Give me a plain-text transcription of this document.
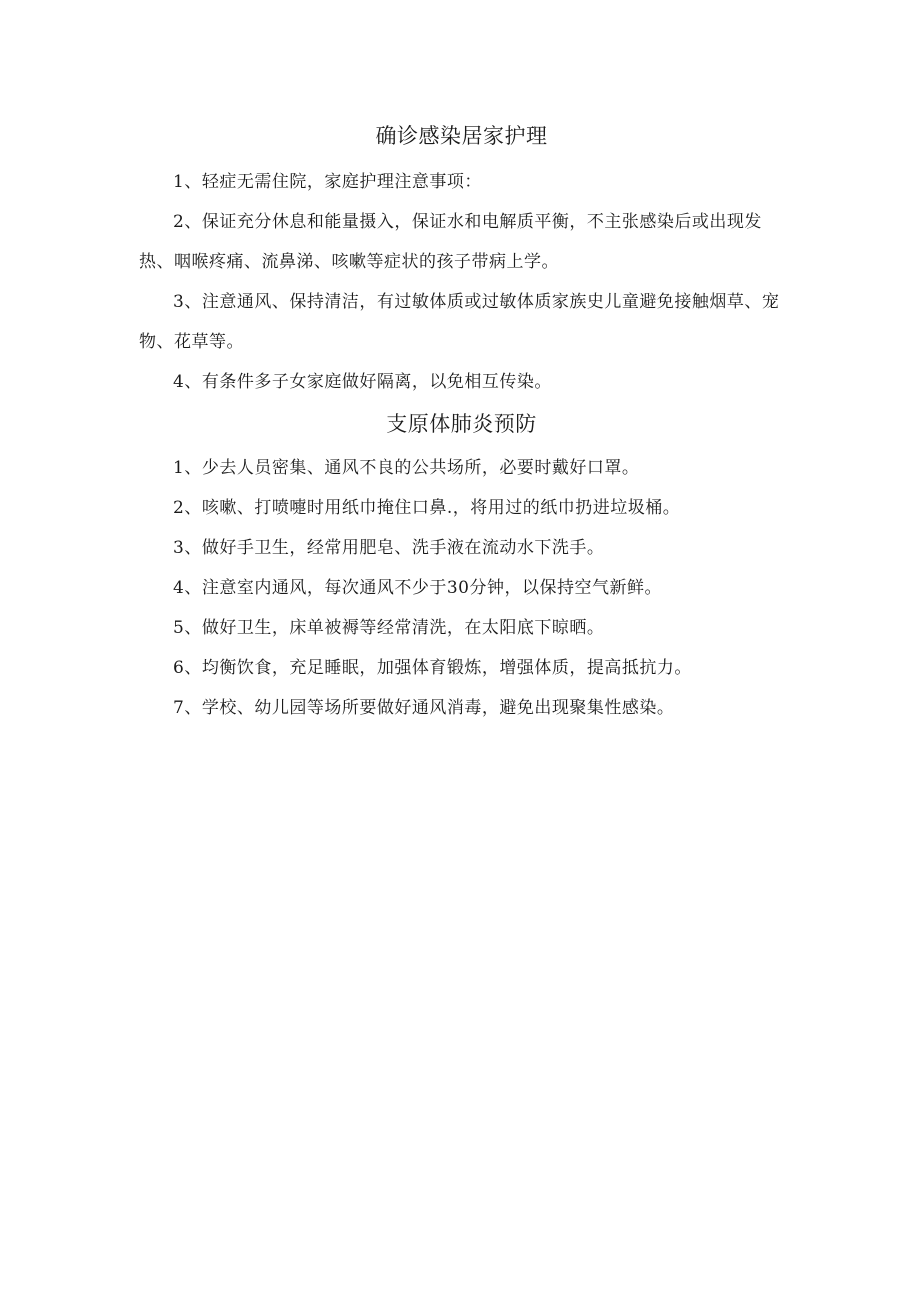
确诊感染居家护理

1、轻症无需住院，家庭护理注意事项：

2、保证充分休息和能量摄入，保证水和电解质平衡，不主张感染后或出现发热、咽喉疼痛、流鼻涕、咳嗽等症状的孩子带病上学。

3、注意通风、保持清洁，有过敏体质或过敏体质家族史儿童避免接触烟草、宠物、花草等。

4、有条件多子女家庭做好隔离，以免相互传染。

支原体肺炎预防

1、少去人员密集、通风不良的公共场所，必要时戴好口罩。

2、咳嗽、打喷嚏时用纸巾掩住口鼻.，将用过的纸巾扔进垃圾桶。

3、做好手卫生，经常用肥皂、洗手液在流动水下洗手。

4、注意室内通风，每次通风不少于30分钟，以保持空气新鲜。

5、做好卫生，床单被褥等经常清洗，在太阳底下晾晒。

6、均衡饮食，充足睡眠，加强体育锻炼，增强体质，提高抵抗力。

7、学校、幼儿园等场所要做好通风消毒，避免出现聚集性感染。
